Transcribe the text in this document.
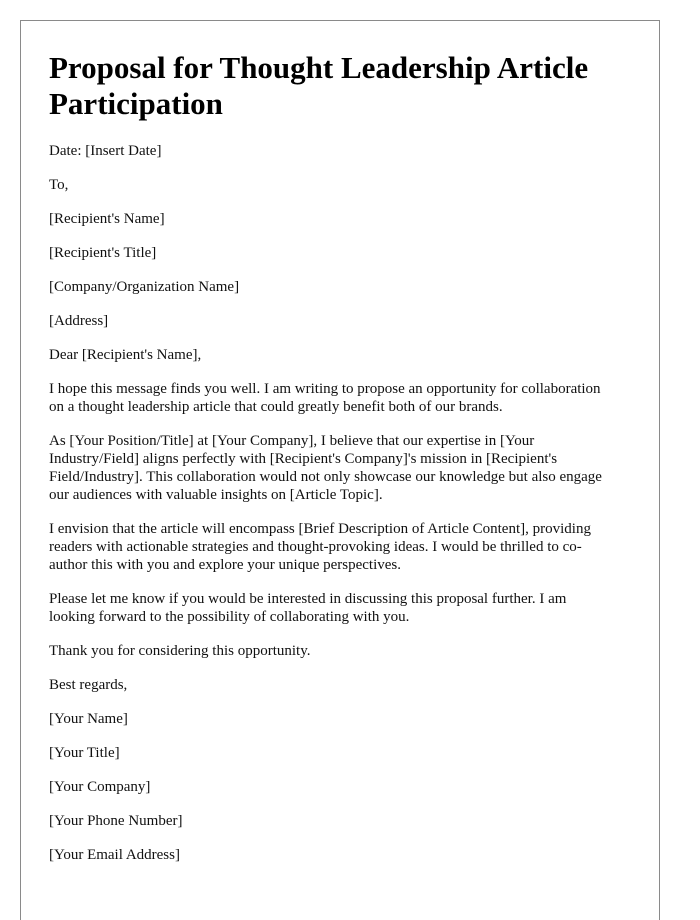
Proposal for Thought Leadership Article Participation

Date: [Insert Date]

To,

[Recipient's Name]

[Recipient's Title]

[Company/Organization Name]

[Address]

Dear [Recipient's Name],

I hope this message finds you well. I am writing to propose an opportunity for collaboration on a thought leadership article that could greatly benefit both of our brands.

As [Your Position/Title] at [Your Company], I believe that our expertise in [Your Industry/Field] aligns perfectly with [Recipient's Company]'s mission in [Recipient's Field/Industry]. This collaboration would not only showcase our knowledge but also engage our audiences with valuable insights on [Article Topic].

I envision that the article will encompass [Brief Description of Article Content], providing readers with actionable strategies and thought-provoking ideas. I would be thrilled to co-author this with you and explore your unique perspectives.

Please let me know if you would be interested in discussing this proposal further. I am looking forward to the possibility of collaborating with you.

Thank you for considering this opportunity.

Best regards,

[Your Name]

[Your Title]

[Your Company]

[Your Phone Number]

[Your Email Address]
